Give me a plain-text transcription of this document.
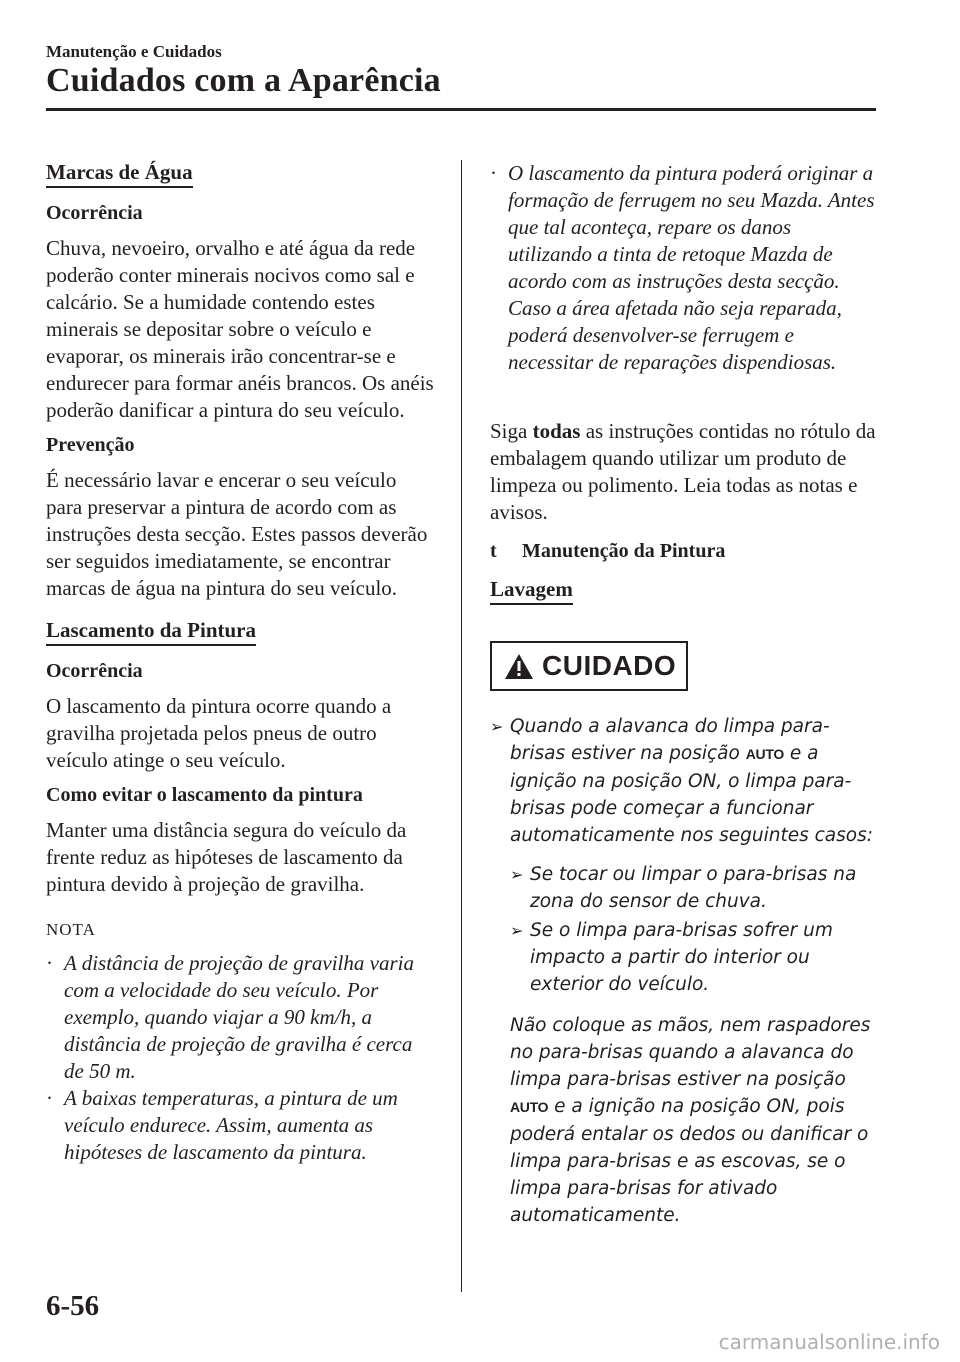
Manutenção e Cuidados
Cuidados com a Aparência
Marcas de Água
Ocorrência

Chuva, nevoeiro, orvalho e até água da rede poderão conter minerais nocivos como sal e calcário. Se a humidade contendo estes minerais se depositar sobre o veículo e evaporar, os minerais irão concentrar-se e endurecer para formar anéis brancos. Os anéis poderão danificar a pintura do seu veículo.

Prevenção

É necessário lavar e encerar o seu veículo para preservar a pintura de acordo com as instruções desta secção. Estes passos deverão ser seguidos imediatamente, se encontrar marcas de água na pintura do seu veículo.

Lascamento da Pintura
Ocorrência

O lascamento da pintura ocorre quando a gravilha projetada pelos pneus de outro veículo atinge o seu veículo.

Como evitar o lascamento da pintura

Manter uma distância segura do veículo da frente reduz as hipóteses de lascamento da pintura devido à projeção de gravilha.

NOTA
· A distância de projeção de gravilha varia com a velocidade do seu veículo. Por exemplo, quando viajar a 90 km/h, a distância de projeção de gravilha é cerca de 50 m.
· A baixas temperaturas, a pintura de um veículo endurece. Assim, aumenta as hipóteses de lascamento da pintura.
· O lascamento da pintura poderá originar a formação de ferrugem no seu Mazda. Antes que tal aconteça, repare os danos utilizando a tinta de retoque Mazda de acordo com as instruções desta secção. Caso a área afetada não seja reparada, poderá desenvolver-se ferrugem e necessitar de reparações dispendiosas.

Siga todas as instruções contidas no rótulo da embalagem quando utilizar um produto de limpeza ou polimento. Leia todas as notas e avisos.

t Manutenção da Pintura
Lavagem

CUIDADO
➢ Quando a alavanca do limpa para-brisas estiver na posição AUTO e a ignição na posição ON, o limpa para-brisas pode começar a funcionar automaticamente nos seguintes casos:
➢ Se tocar ou limpar o para-brisas na zona do sensor de chuva.
➢ Se o limpa para-brisas sofrer um impacto a partir do interior ou exterior do veículo.
Não coloque as mãos, nem raspadores no para-brisas quando a alavanca do limpa para-brisas estiver na posição AUTO e a ignição na posição ON, pois poderá entalar os dedos ou danificar o limpa para-brisas e as escovas, se o limpa para-brisas for ativado automaticamente.
6-56
carmanualsonline.info
